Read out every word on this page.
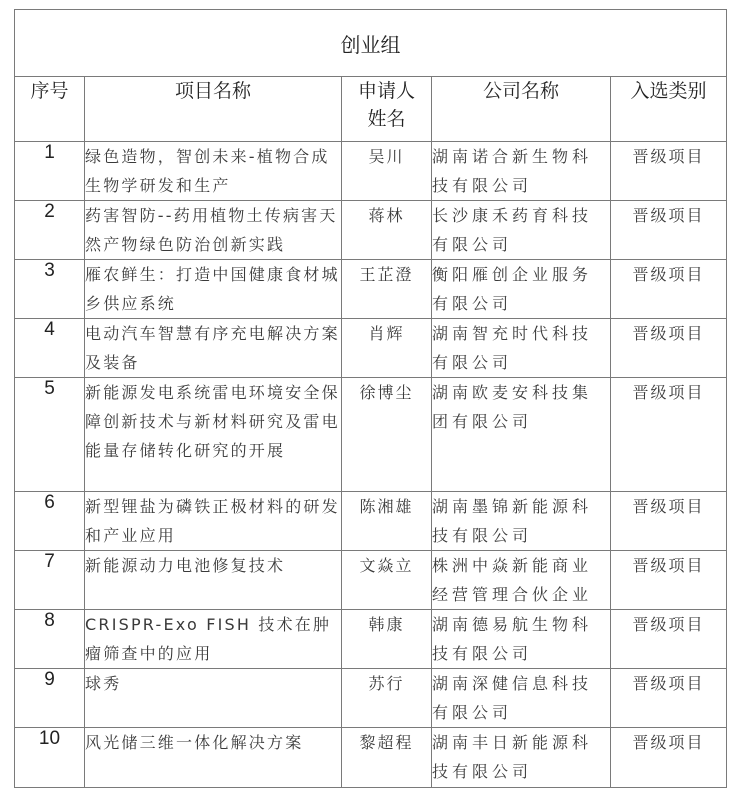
创业组				
序号	项目名称	申请人姓名	公司名称	入选类别
1	绿色造物，智创未来-植物合成生物学研发和生产	吴川	湖南诺合新生物科技有限公司	晋级项目
2	药害智防--药用植物土传病害天然产物绿色防治创新实践	蒋林	长沙康禾药育科技有限公司	晋级项目
3	雁农鲜生：打造中国健康食材城乡供应系统	王芷澄	衡阳雁创企业服务有限公司	晋级项目
4	电动汽车智慧有序充电解决方案及装备	肖辉	湖南智充时代科技有限公司	晋级项目
5	新能源发电系统雷电环境安全保障创新技术与新材料研究及雷电能量存储转化研究的开展	徐博尘	湖南欧麦安科技集团有限公司	晋级项目
6	新型锂盐为磷铁正极材料的研发和产业应用	陈湘雄	湖南墨锦新能源科技有限公司	晋级项目
7	新能源动力电池修复技术	文焱立	株洲中焱新能商业经营管理合伙企业	晋级项目
8	CRISPR-Exo FISH 技术在肿瘤筛查中的应用	韩康	湖南德易航生物科技有限公司	晋级项目
9	球秀	苏行	湖南深健信息科技有限公司	晋级项目
10	风光储三维一体化解决方案	黎超程	湖南丰日新能源科技有限公司	晋级项目
